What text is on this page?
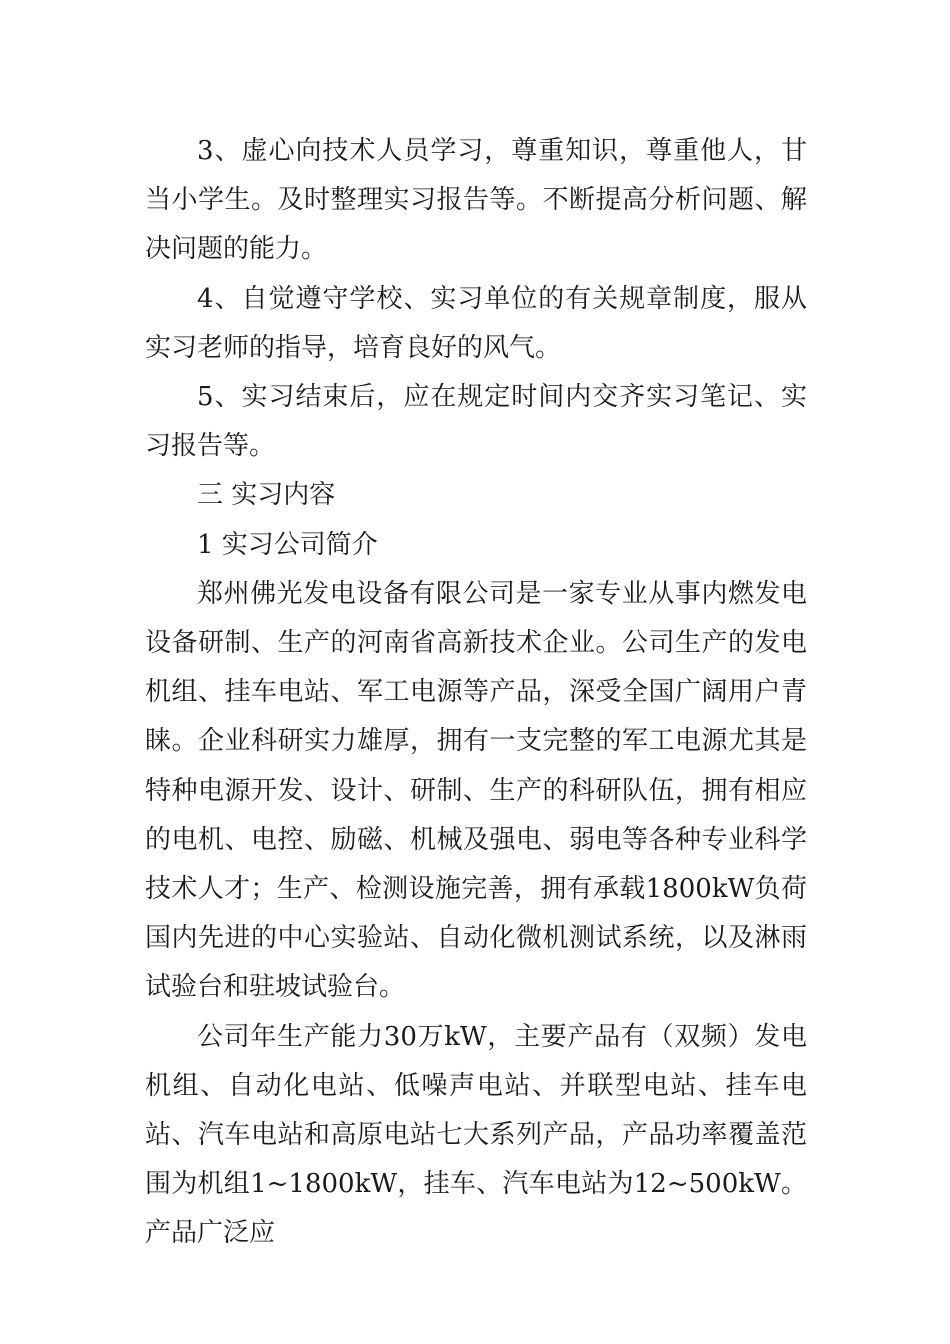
3、虚心向技术人员学习，尊重知识，尊重他人，甘当小学生。及时整理实习报告等。不断提高分析问题、解决问题的能力。

4、自觉遵守学校、实习单位的有关规章制度，服从实习老师的指导，培育良好的风气。

5、实习结束后，应在规定时间内交齐实习笔记、实习报告等。

三 实习内容

1 实习公司简介

郑州佛光发电设备有限公司是一家专业从事内燃发电设备研制、生产的河南省高新技术企业。公司生产的发电机组、挂车电站、军工电源等产品，深受全国广阔用户青睐。企业科研实力雄厚，拥有一支完整的军工电源尤其是特种电源开发、设计、研制、生产的科研队伍，拥有相应的电机、电控、励磁、机械及强电、弱电等各种专业科学技术人才；生产、检测设施完善，拥有承载1800kW负荷国内先进的中心实验站、自动化微机测试系统，以及淋雨试验台和驻坡试验台。

公司年生产能力30万kW，主要产品有（双频）发电机组、自动化电站、低噪声电站、并联型电站、挂车电站、汽车电站和高原电站七大系列产品，产品功率覆盖范围为机组1~1800kW，挂车、汽车电站为12~500kW。产品广泛应
